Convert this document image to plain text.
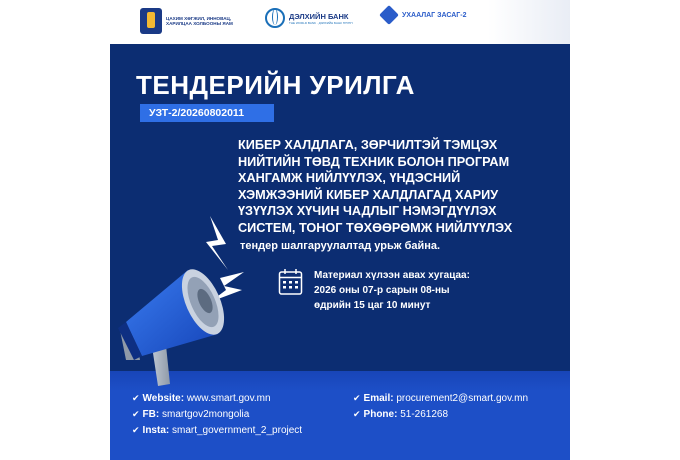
ЦАХИМ ХӨГЖИЛ, ИННОВАЦ,
ХАРИЛЦАА ХОЛБООНЫ ЯАМ
ДЭЛХИЙН БАНК
THE WORLD BANK · ДЭЛХИЙН БАНК ГРУПП
УХААЛАГ ЗАСАГ-2
ТЕНДЕРИЙН УРИЛГА
УЗТ-2/20260802011

КИБЕР ХАЛДЛАГА, ЗӨРЧИЛТЭЙ ТЭМЦЭХ
НИЙТИЙН ТӨВД ТЕХНИК БОЛОН ПРОГРАМ
ХАНГАМЖ НИЙЛҮҮЛЭХ, ҮНДЭСНИЙ
ХЭМЖЭЭНИЙ КИБЕР ХАЛДЛАГАД ХАРИУ
ҮЗҮҮЛЭХ ХҮЧИН ЧАДЛЫГ НЭМЭГДҮҮЛЭХ
СИСТЕМ, ТОНОГ ТӨХӨӨРӨМЖ НИЙЛҮҮЛЭХ

тендер шалгаруулалтад урьж байна.
Материал хүлээн авах хугацаа:
2026 оны 07-р сарын 08-ны
өдрийн 15 цаг 10 минут
✔ Website: www.smart.gov.mn
✔ FB: smartgov2mongolia
✔ Insta: smart_government_2_project
✔ Email: procurement2@smart.gov.mn
✔ Phone: 51-261268
